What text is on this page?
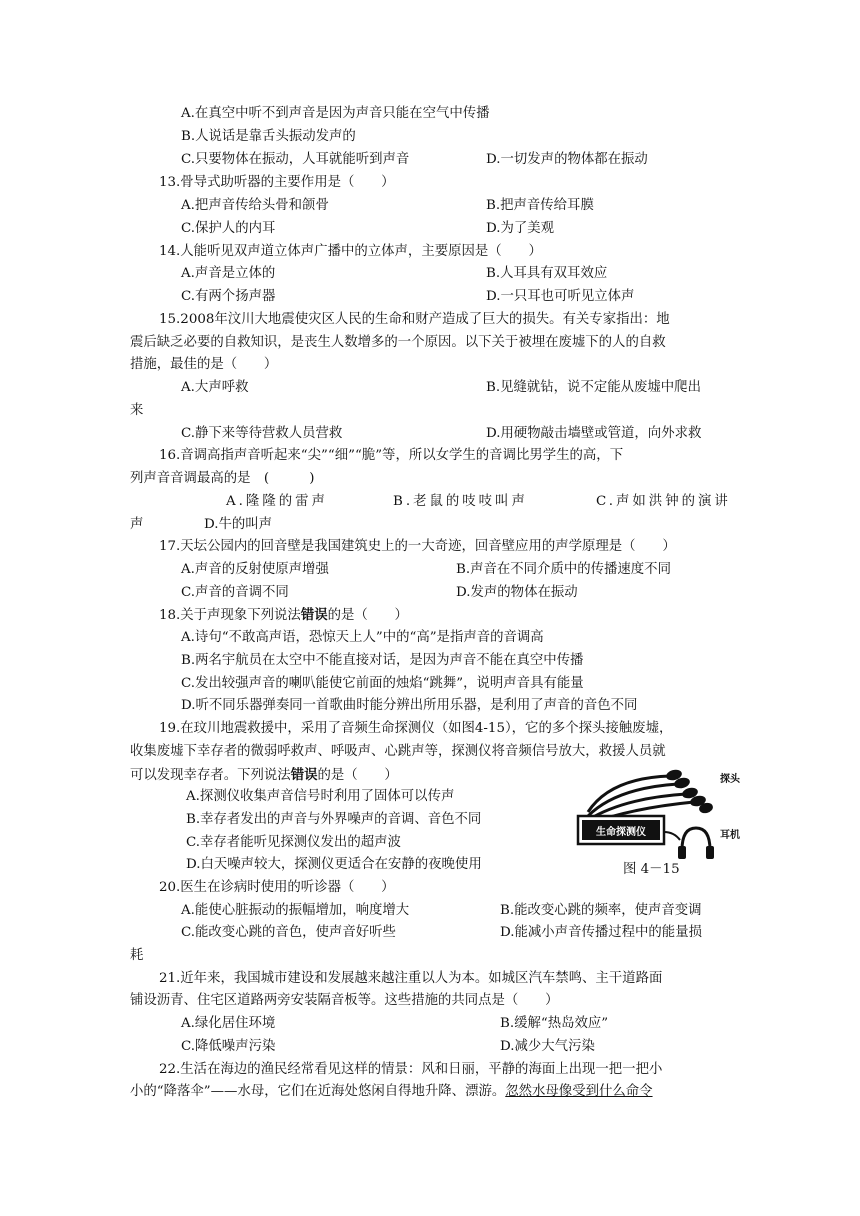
A.在真空中听不到声音是因为声音只能在空气中传播
B.人说话是靠舌头振动发声的
C.只要物体在振动，人耳就能听到声音	D.一切发声的物体都在振动
13.骨导式助听器的主要作用是（　　）
A.把声音传给头骨和颌骨	B.把声音传给耳膜
C.保护人的内耳	D.为了美观
14.人能听见双声道立体声广播中的立体声，主要原因是（　　）
A.声音是立体的	B.人耳具有双耳效应
C.有两个扬声器	D.一只耳也可听见立体声
15.2008年汶川大地震使灾区人民的生命和财产造成了巨大的损失。有关专家指出：地
震后缺乏必要的自救知识，是丧生人数增多的一个原因。以下关于被埋在废墟下的人的自救
措施，最佳的是（　　）
A.大声呼救	B.见缝就钻，说不定能从废墟中爬出
来
C.静下来等待营救人员营救	D.用硬物敲击墙壁或管道，向外求救
16.音调高指声音听起来“尖”“细”“脆”等，所以女学生的音调比男学生的高，下
列声音音调最高的是　(　　　)
A.隆隆的雷声	B.老鼠的吱吱叫声	C.声如洪钟的演讲
声	D.牛的叫声
17.天坛公园内的回音壁是我国建筑史上的一大奇迹，回音壁应用的声学原理是（　　）
A.声音的反射使原声增强	B.声音在不同介质中的传播速度不同
C.声音的音调不同	D.发声的物体在振动
18.关于声现象下列说法错误的是（　　）
A.诗句“不敢高声语，恐惊天上人”中的“高”是指声音的音调高
B.两名宇航员在太空中不能直接对话，是因为声音不能在真空中传播
C.发出较强声音的喇叭能使它前面的烛焰“跳舞”，说明声音具有能量
D.听不同乐器弹奏同一首歌曲时能分辨出所用乐器，是利用了声音的音色不同
19.在玟川地震救援中，采用了音频生命探测仪（如图4-15），它的多个探头接触废墟，
收集废墟下幸存者的微弱呼救声、呼吸声、心跳声等，探测仪将音频信号放大，救援人员就
可以发现幸存者。下列说法错误的是（　　）
A.探测仪收集声音信号时利用了固体可以传声
B.幸存者发出的声音与外界噪声的音调、音色不同
C.幸存者能听见探测仪发出的超声波
D.白天噪声较大，探测仪更适合在安静的夜晚使用
生命探测仪
探头
耳机
图 4－15
20.医生在诊病时使用的听诊器（　　）
A.能使心脏振动的振幅增加，响度增大	B.能改变心跳的频率，使声音变调
C.能改变心跳的音色，使声音好听些	D.能减小声音传播过程中的能量损
耗
21.近年来，我国城市建设和发展越来越注重以人为本。如城区汽车禁鸣、主干道路面
铺设沥青、住宅区道路两旁安装隔音板等。这些措施的共同点是（　　）
A.绿化居住环境	B.缓解“热岛效应”
C.降低噪声污染	D.减少大气污染
22.生活在海边的渔民经常看见这样的情景：风和日丽，平静的海面上出现一把一把小
小的“降落伞”——水母，它们在近海处悠闲自得地升降、漂游。忽然水母像受到什么命令
